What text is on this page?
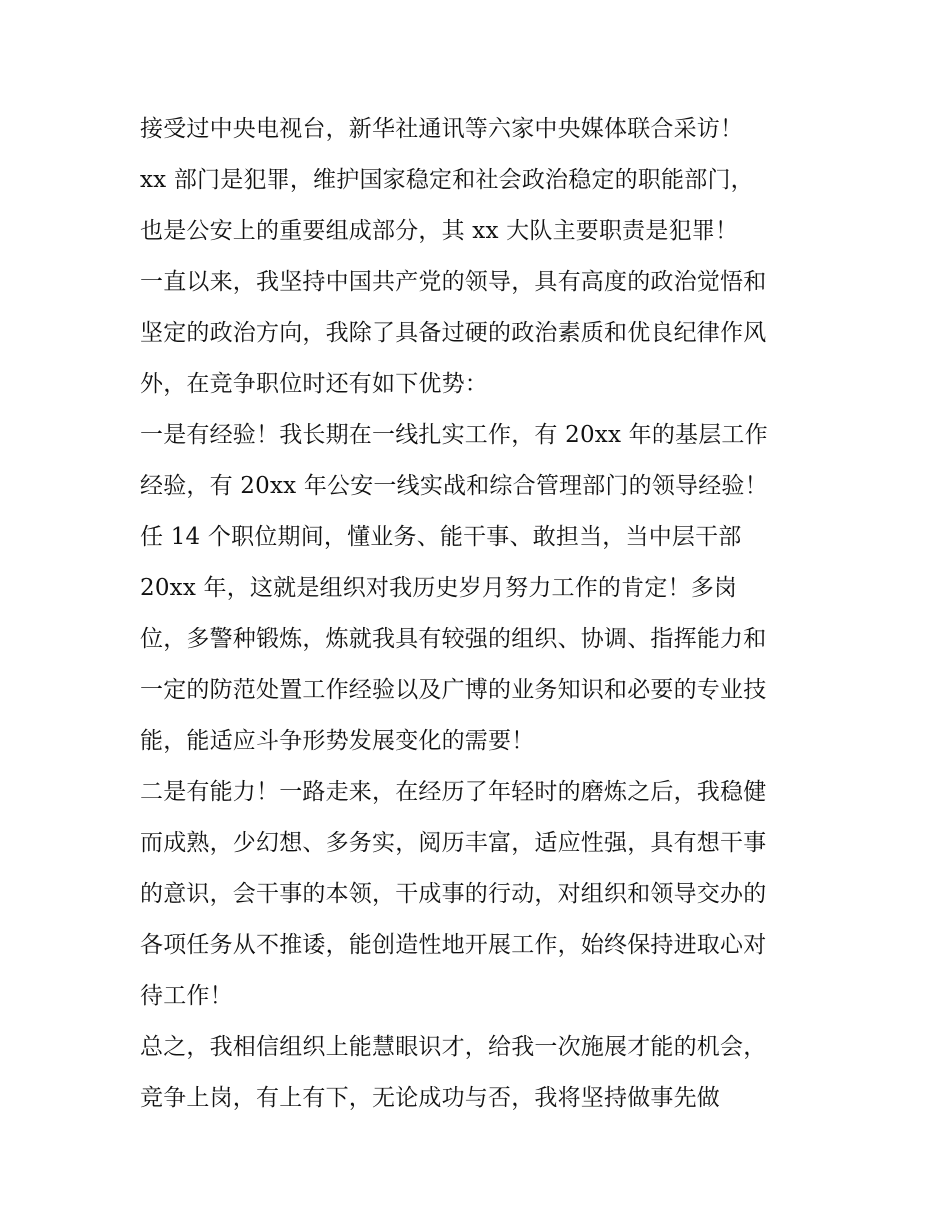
接受过中央电视台，新华社通讯等六家中央媒体联合采访！
xx 部门是犯罪，维护国家稳定和社会政治稳定的职能部门，
也是公安上的重要组成部分，其 xx 大队主要职责是犯罪！
一直以来，我坚持中国共产党的领导，具有高度的政治觉悟和
坚定的政治方向，我除了具备过硬的政治素质和优良纪律作风
外，在竞争职位时还有如下优势：
一是有经验！我长期在一线扎实工作，有 20xx 年的基层工作
经验，有 20xx 年公安一线实战和综合管理部门的领导经验！
任 14 个职位期间，懂业务、能干事、敢担当，当中层干部
20xx 年，这就是组织对我历史岁月努力工作的肯定！多岗
位，多警种锻炼，炼就我具有较强的组织、协调、指挥能力和
一定的防范处置工作经验以及广博的业务知识和必要的专业技
能，能适应斗争形势发展变化的需要！
二是有能力！一路走来，在经历了年轻时的磨炼之后，我稳健
而成熟，少幻想、多务实，阅历丰富，适应性强，具有想干事
的意识，会干事的本领，干成事的行动，对组织和领导交办的
各项任务从不推诿，能创造性地开展工作，始终保持进取心对
待工作！
总之，我相信组织上能慧眼识才，给我一次施展才能的机会，
竞争上岗，有上有下，无论成功与否，我将坚持做事先做
